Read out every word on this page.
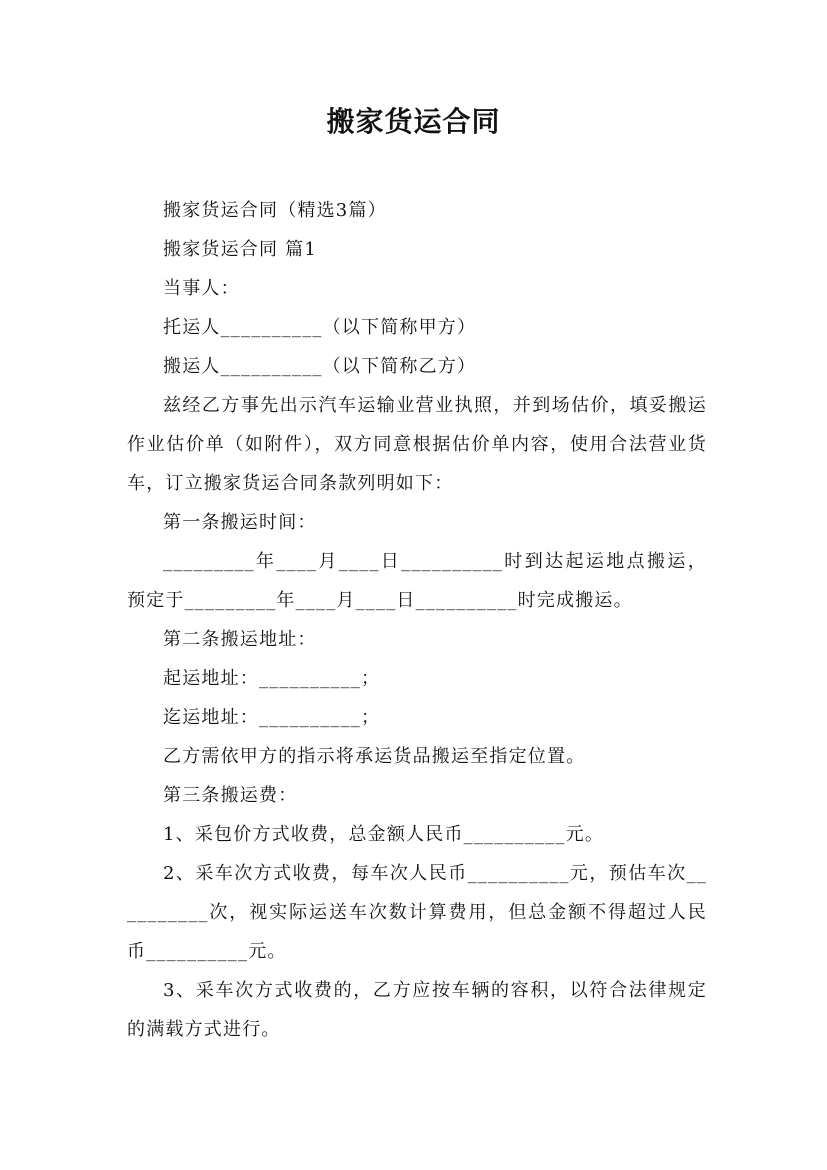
搬家货运合同

搬家货运合同（精选3篇）

搬家货运合同 篇1

当事人：

托运人__________（以下简称甲方）

搬运人__________（以下简称乙方）

兹经乙方事先出示汽车运输业营业执照，并到场估价，填妥搬运作业估价单（如附件），双方同意根据估价单内容，使用合法营业货车，订立搬家货运合同条款列明如下：

第一条搬运时间：

_________年____月____日__________时到达起运地点搬运，预定于_________年____月____日__________时完成搬运。

第二条搬运地址：

起运地址：__________；

迄运地址：__________；

乙方需依甲方的指示将承运货品搬运至指定位置。

第三条搬运费：

1、采包价方式收费，总金额人民币__________元。

2、采车次方式收费，每车次人民币__________元，预估车次__________次，视实际运送车次数计算费用，但总金额不得超过人民币__________元。

3、采车次方式收费的，乙方应按车辆的容积，以符合法律规定的满载方式进行。
